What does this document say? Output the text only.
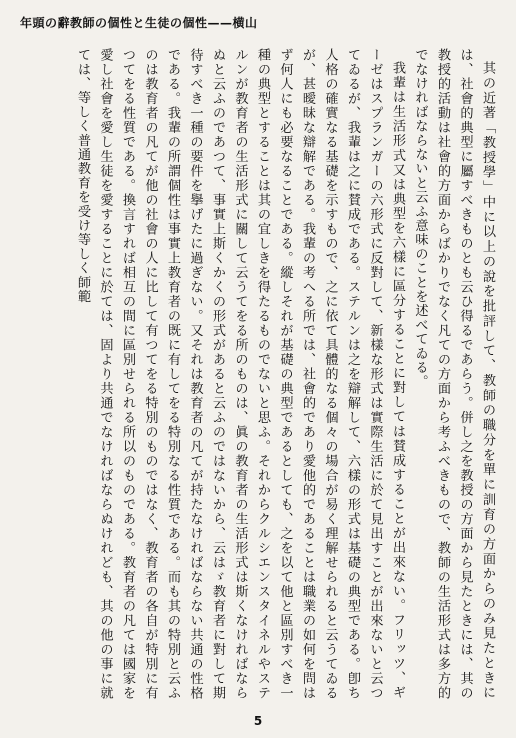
年頭の辭教師の個性と生徒の個性——横山

其の近著「教授學」中に以上の說を批評して、教師の職分を單に訓育の方面からのみ見たときには、社會的典型に屬すべきものとも云ひ得るであらう。併し之を教授の方面から見たときには、其の教授的活動は社會的方面からばかりでなく凡ての方面から考ふべきもので、教師の生活形式は多方的でなければならないと云ふ意味のことを述べてゐる。

我輩は生活形式又は典型を六樣に區分することに對しては賛成することが出來ない。フリッツ、ギーゼはスプランガーの六形式に反對して、新樣な形式は實際生活に於て見出すことが出來ないと云つてゐるが、我輩は之に賛成である。ステルンは之を辯解して、六樣の形式は基礎の典型である。卽ち人格の確實なる基礎を示すもので、之に依て具體的なる個々の場合が易く理解せられると云うてゐるが、甚曖昧な辯解である。我輩の考へる所では、社會的であり愛他的であることは職業の如何を問はず何人にも必要なることである。縱しそれが基礎の典型であるとしても、之を以て他と區別すべき一種の典型とすることは其の宜しきを得たるものでないと思ふ。それからクルシエンスタイネルやステルンが教育者の生活形式に關して云うてをる所のものは、眞の教育者の生活形式は斯くなければならぬと云ふのであつて、事實上斯くかくの形式があると云ふのではないから、云はゞ教育者に對して期待すべき一種の要件を擧げたに過ぎない。又それは教育者の凡てが持たなければならない共通の性格である。我輩の所謂個性は事實上教育者の既に有してをる特別なる性質である。而も其の特別と云ふのは教育者の凡てが他の社會の人に比して有つてをる特別のものではなく、教育者の各自が特別に有つてをる性質である。換言すれば相互の間に區別せられる所以のものである。教育者の凡ては國家を愛し社會を愛し生徒を愛することに於ては、固より共通でなければならぬけれども、其の他の事に就ては、等しく普通教育を受け等しく師範

5
